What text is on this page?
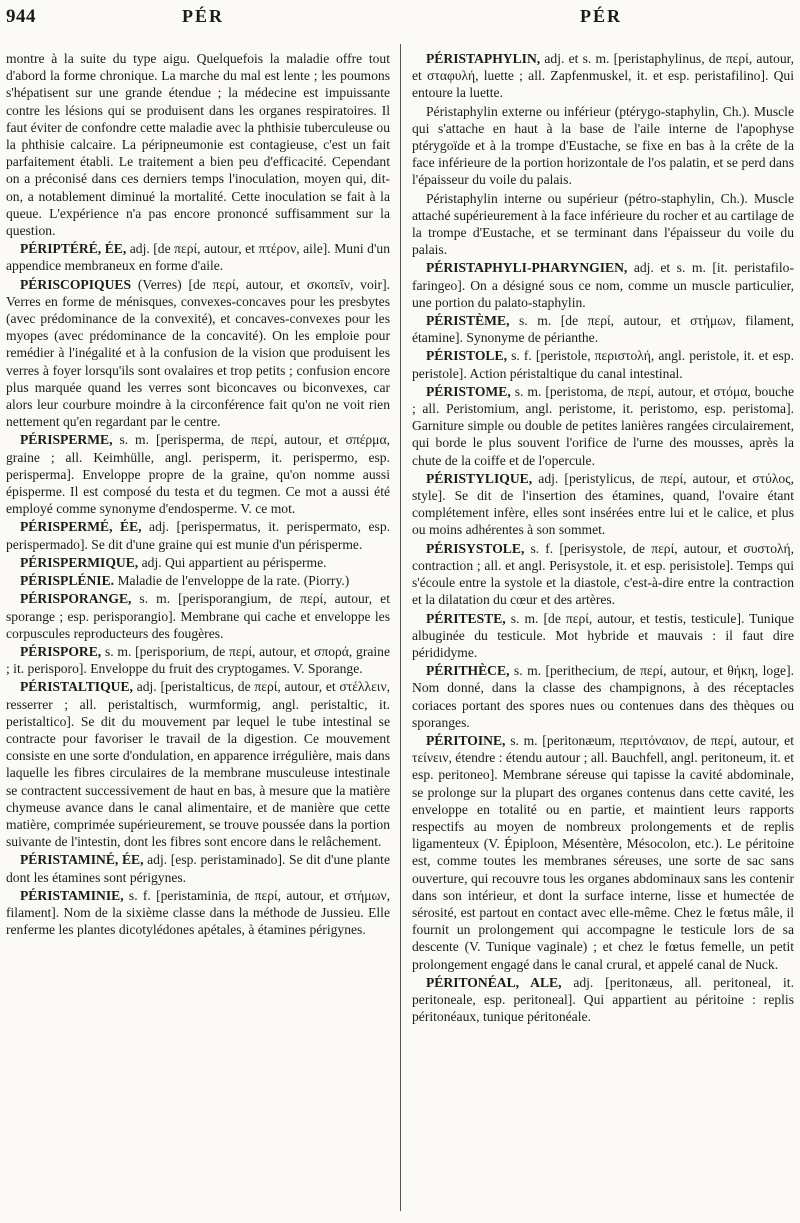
944	PÉR	PÉR

montre à la suite du type aigu. Quelquefois la maladie offre tout d'abord la forme chronique. La marche du mal est lente ; les poumons s'hépatisent sur une grande étendue ; la médecine est impuissante contre les lésions qui se produisent dans les organes respiratoires. Il faut éviter de confondre cette maladie avec la phthisie tuberculeuse ou la phthisie calcaire. La péripneumonie est contagieuse, c'est un fait parfaitement établi. Le traitement a bien peu d'efficacité. Cependant on a préconisé dans ces derniers temps l'inoculation, moyen qui, dit-on, a notablement diminué la mortalité. Cette inoculation se fait à la queue. L'expérience n'a pas encore prononcé suffisamment sur la question.

PÉRIPTÉRÉ, ÉE, adj. [de περί, autour, et πτέρον, aile]. Muni d'un appendice membraneux en forme d'aile.

PÉRISCOPIQUES (Verres) [de περί, autour, et σκοπεῖν, voir]. Verres en forme de ménisques, convexes-concaves pour les presbytes (avec prédominance de la convexité), et concaves-convexes pour les myopes (avec prédominance de la concavité). On les emploie pour remédier à l'inégalité et à la confusion de la vision que produisent les verres à foyer lorsqu'ils sont ovalaires et trop petits ; confusion encore plus marquée quand les verres sont biconcaves ou biconvexes, car alors leur courbure moindre à la circonférence fait qu'on ne voit rien nettement qu'en regardant par le centre.

PÉRISPERME, s. m. [perisperma, de περί, autour, et σπέρμα, graine ; all. Keimhülle, angl. perisperm, it. perispermo, esp. perisperma]. Enveloppe propre de la graine, qu'on nomme aussi épisperme. Il est composé du testa et du tegmen. Ce mot a aussi été employé comme synonyme d'endosperme. V. ce mot.

PÉRISPERMÉ, ÉE, adj. [perispermatus, it. perispermato, esp. perispermado]. Se dit d'une graine qui est munie d'un périsperme.

PÉRISPERMIQUE, adj. Qui appartient au périsperme.

PÉRISPLÉNIE. Maladie de l'enveloppe de la rate. (Piorry.)

PÉRISPORANGE, s. m. [perisporangium, de περί, autour, et sporange ; esp. perisporangio]. Membrane qui cache et enveloppe les corpuscules reproducteurs des fougères.

PÉRISPORE, s. m. [perisporium, de περί, autour, et σπορά, graine ; it. perisporo]. Enveloppe du fruit des cryptogames. V. Sporange.

PÉRISTALTIQUE, adj. [peristalticus, de περί, autour, et στέλλειν, resserrer ; all. peristaltisch, wurmformig, angl. peristaltic, it. peristaltico]. Se dit du mouvement par lequel le tube intestinal se contracte pour favoriser le travail de la digestion. Ce mouvement consiste en une sorte d'ondulation, en apparence irrégulière, mais dans laquelle les fibres circulaires de la membrane musculeuse intestinale se contractent successivement de haut en bas, à mesure que la matière chymeuse avance dans le canal alimentaire, et de manière que cette matière, comprimée supérieurement, se trouve poussée dans la portion suivante de l'intestin, dont les fibres sont encore dans le relâchement.

PÉRISTAMINÉ, ÉE, adj. [esp. peristaminado]. Se dit d'une plante dont les étamines sont périgynes.

PÉRISTAMINIE, s. f. [peristaminia, de περί, autour, et στήμων, filament]. Nom de la sixième classe dans la méthode de Jussieu. Elle renferme les plantes dicotylédones apétales, à étamines périgynes.

PÉRISTAPHYLIN, adj. et s. m. [peristaphylinus, de περί, autour, et σταφυλή, luette ; all. Zapfenmuskel, it. et esp. peristafilino]. Qui entoure la luette.

Péristaphylin externe ou inférieur (ptérygo-staphylin, Ch.). Muscle qui s'attache en haut à la base de l'aile interne de l'apophyse ptérygoïde et à la trompe d'Eustache, se fixe en bas à la crête de la face inférieure de la portion horizontale de l'os palatin, et se perd dans l'épaisseur du voile du palais.

Péristaphylin interne ou supérieur (pétro-staphylin, Ch.). Muscle attaché supérieurement à la face inférieure du rocher et au cartilage de la trompe d'Eustache, et se terminant dans l'épaisseur du voile du palais.

PÉRISTAPHYLI-PHARYNGIEN, adj. et s. m. [it. peristafilo-faringeo]. On a désigné sous ce nom, comme un muscle particulier, une portion du palato-staphylin.

PÉRISTÈME, s. m. [de περί, autour, et στήμων, filament, étamine]. Synonyme de périanthe.

PÉRISTOLE, s. f. [peristole, περιστολή, angl. peristole, it. et esp. peristole]. Action péristaltique du canal intestinal.

PÉRISTOME, s. m. [peristoma, de περί, autour, et στόμα, bouche ; all. Peristomium, angl. peristome, it. peristomo, esp. peristoma]. Garniture simple ou double de petites lanières rangées circulairement, qui borde le plus souvent l'orifice de l'urne des mousses, après la chute de la coiffe et de l'opercule.

PÉRISTYLIQUE, adj. [peristylicus, de περί, autour, et στύλος, style]. Se dit de l'insertion des étamines, quand, l'ovaire étant complétement infère, elles sont insérées entre lui et le calice, et plus ou moins adhérentes à son sommet.

PÉRISYSTOLE, s. f. [perisystole, de περί, autour, et συστολή, contraction ; all. et angl. Perisystole, it. et esp. perisistole]. Temps qui s'écoule entre la systole et la diastole, c'est-à-dire entre la contraction et la dilatation du cœur et des artères.

PÉRITESTE, s. m. [de περί, autour, et testis, testicule]. Tunique albuginée du testicule. Mot hybride et mauvais : il faut dire pérididyme.

PÉRITHÈCE, s. m. [perithecium, de περί, autour, et θήκη, loge]. Nom donné, dans la classe des champignons, à des réceptacles coriaces portant des spores nues ou contenues dans des thèques ou sporanges.

PÉRITOINE, s. m. [peritonæum, περιτόναιον, de περί, autour, et τείνειν, étendre : étendu autour ; all. Bauchfell, angl. peritoneum, it. et esp. peritoneo]. Membrane séreuse qui tapisse la cavité abdominale, se prolonge sur la plupart des organes contenus dans cette cavité, les enveloppe en totalité ou en partie, et maintient leurs rapports respectifs au moyen de nombreux prolongements et de replis ligamenteux (V. Épiploon, Mésentère, Mésocolon, etc.). Le péritoine est, comme toutes les membranes séreuses, une sorte de sac sans ouverture, qui recouvre tous les organes abdominaux sans les contenir dans son intérieur, et dont la surface interne, lisse et humectée de sérosité, est partout en contact avec elle-même. Chez le fœtus mâle, il fournit un prolongement qui accompagne le testicule lors de sa descente (V. Tunique vaginale) ; et chez le fœtus femelle, un petit prolongement engagé dans le canal crural, et appelé canal de Nuck.

PÉRITONÉAL, ALE, adj. [peritonæus, all. peritoneal, it. peritoneale, esp. peritoneal]. Qui appartient au péritoine : replis péritonéaux, tunique péritonéale.
